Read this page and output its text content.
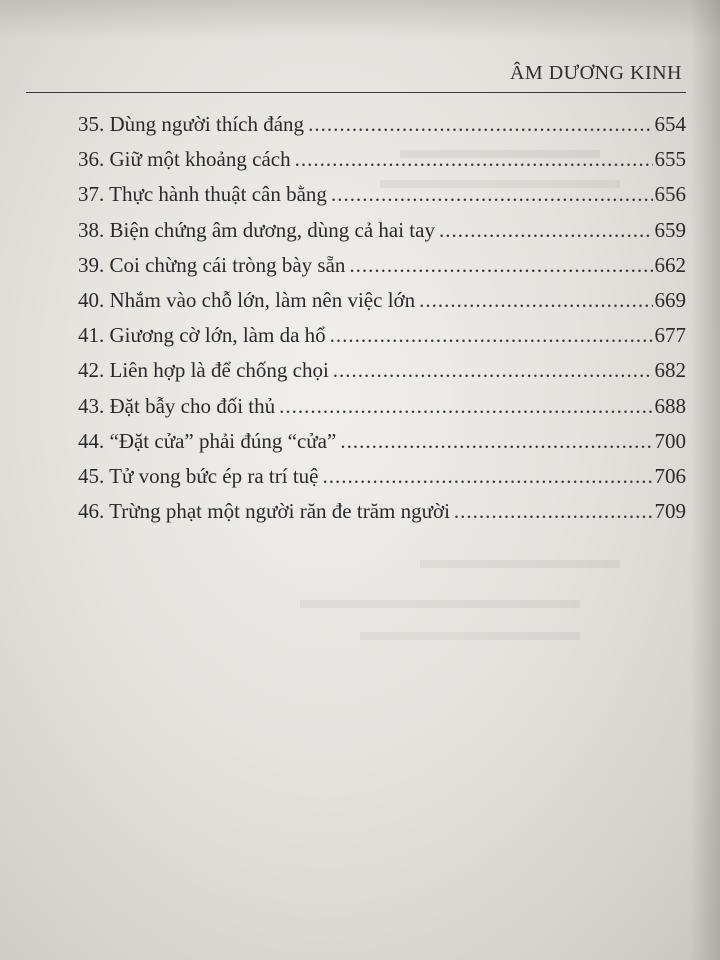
ÂM DƯƠNG KINH
35. Dùng người thích đáng .....	654
36. Giữ một khoảng cách .....	655
37. Thực hành thuật cân bằng .....	656
38. Biện chứng âm dương, dùng cả hai tay .....	659
39. Coi chừng cái tròng bày sẵn .....	662
40. Nhắm vào chỗ lớn, làm nên việc lớn .....	669
41. Giương cờ lớn, làm da hổ .....	677
42. Liên hợp là để chống chọi .....	682
43. Đặt bẫy cho đối thủ .....	688
44. “Đặt cửa” phải đúng “cửa” .....	700
45. Tử vong bức ép ra trí tuệ .....	706
46. Trừng phạt một người răn đe trăm người .....	709
